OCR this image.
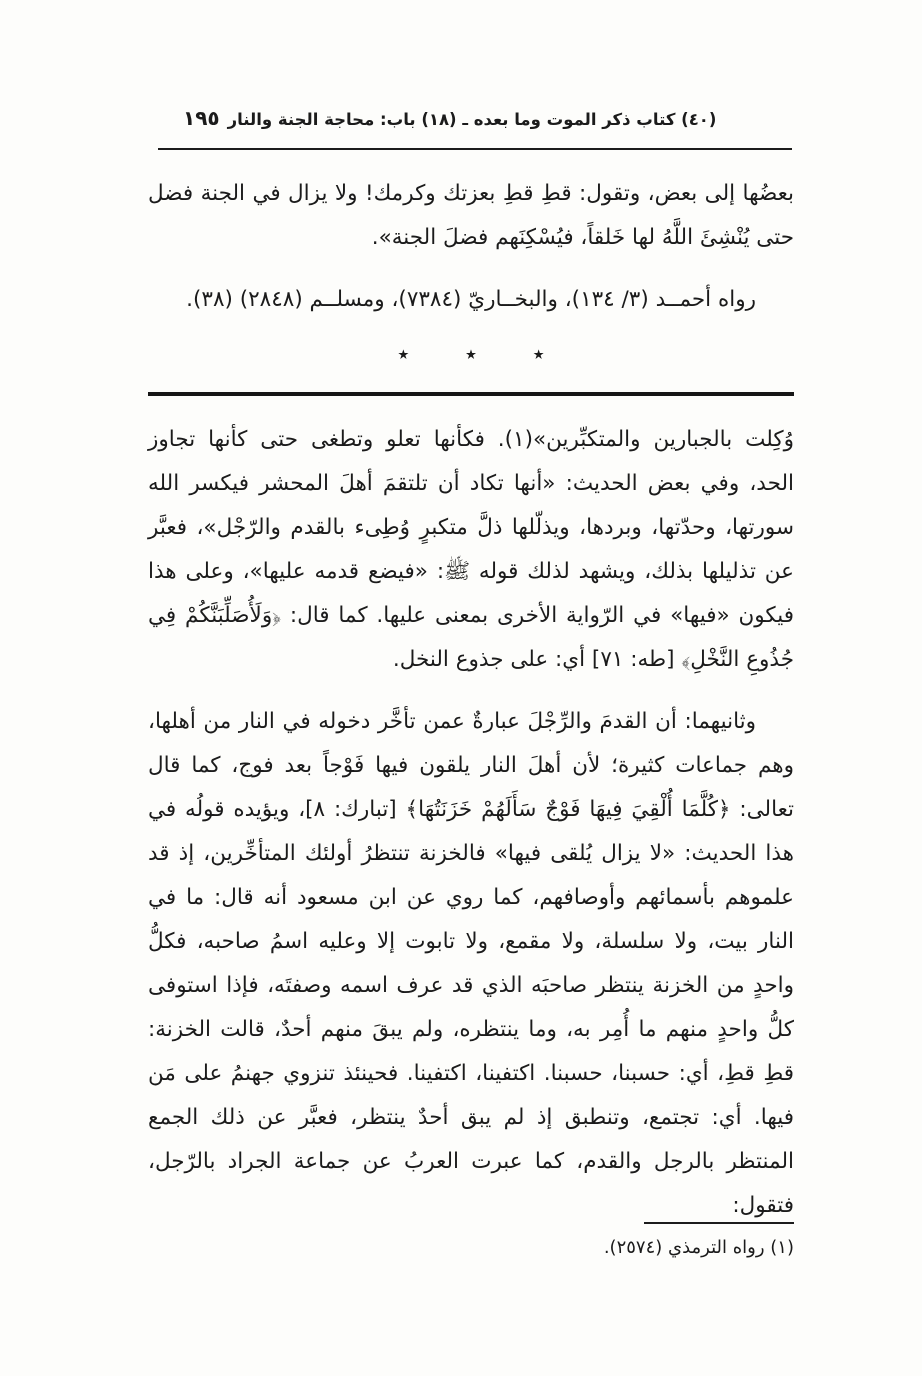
١٩٥ (٤٠) كتاب ذكر الموت وما بعده ـ (١٨) باب: محاجة الجنة والنار

بعضُها إلى بعض، وتقول: قطِ قطِ بعزتك وكرمك! ولا يزال في الجنة فضل حتى يُنْشِئَ اللَّهُ لها خَلقاً، فيُسْكِنَهم فضلَ الجنة».

رواه أحمــد (٣/ ١٣٤)، والبخــاريّ (٧٣٨٤)، ومسلــم (٢٨٤٨) (٣٨).

٭ ٭ ٭

وُكِلت بالجبارين والمتكبِّرين»(١). فكأنها تعلو وتطغى حتى كأنها تجاوز الحد، وفي بعض الحديث: «أنها تكاد أن تلتقمَ أهلَ المحشر فيكسر الله سورتها، وحدّتها، وبردها، ويذلّلها ذلَّ متكبرٍ وُطِىء بالقدم والرّجْل»، فعبَّر عن تذليلها بذلك، ويشهد لذلك قوله ﷺ: «فيضع قدمه عليها»، وعلى هذا فيكون «فيها» في الرّواية الأخرى بمعنى عليها. كما قال: ﴿وَلَأُصَلِّبَنَّكُمْ فِي جُذُوعِ النَّخْلِ﴾ [طه: ٧١] أي: على جذوع النخل.

وثانيهما: أن القدمَ والرِّجْلَ عبارةٌ عمن تأخَّر دخوله في النار من أهلها، وهم جماعات كثيرة؛ لأن أهلَ النار يلقون فيها فَوْجاً بعد فوج، كما قال تعالى: ﴿كُلَّمَا أُلْقِيَ فِيهَا فَوْجٌ سَأَلَهُمْ خَزَنَتُهَا﴾ [تبارك: ٨]، ويؤيده قولُه في هذا الحديث: «لا يزال يُلقى فيها» فالخزنة تنتظرُ أولئك المتأخِّرين، إذ قد علموهم بأسمائهم وأوصافهم، كما روي عن ابن مسعود أنه قال: ما في النار بيت، ولا سلسلة، ولا مقمع، ولا تابوت إلا وعليه اسمُ صاحبه، فكلُّ واحدٍ من الخزنة ينتظر صاحبَه الذي قد عرف اسمه وصفتَه، فإذا استوفى كلُّ واحدٍ منهم ما أُمِر به، وما ينتظره، ولم يبقَ منهم أحدٌ، قالت الخزنة: قطِ قطِ، أي: حسبنا، حسبنا. اكتفينا، اكتفينا. فحينئذ تنزوي جهنمُ على مَن فيها. أي: تجتمع، وتنطبق إذ لم يبق أحدٌ ينتظر، فعبَّر عن ذلك الجمع المنتظر بالرجل والقدم، كما عبرت العربُ عن جماعة الجراد بالرّجل، فتقول:

(١) رواه الترمذي (٢٥٧٤).
